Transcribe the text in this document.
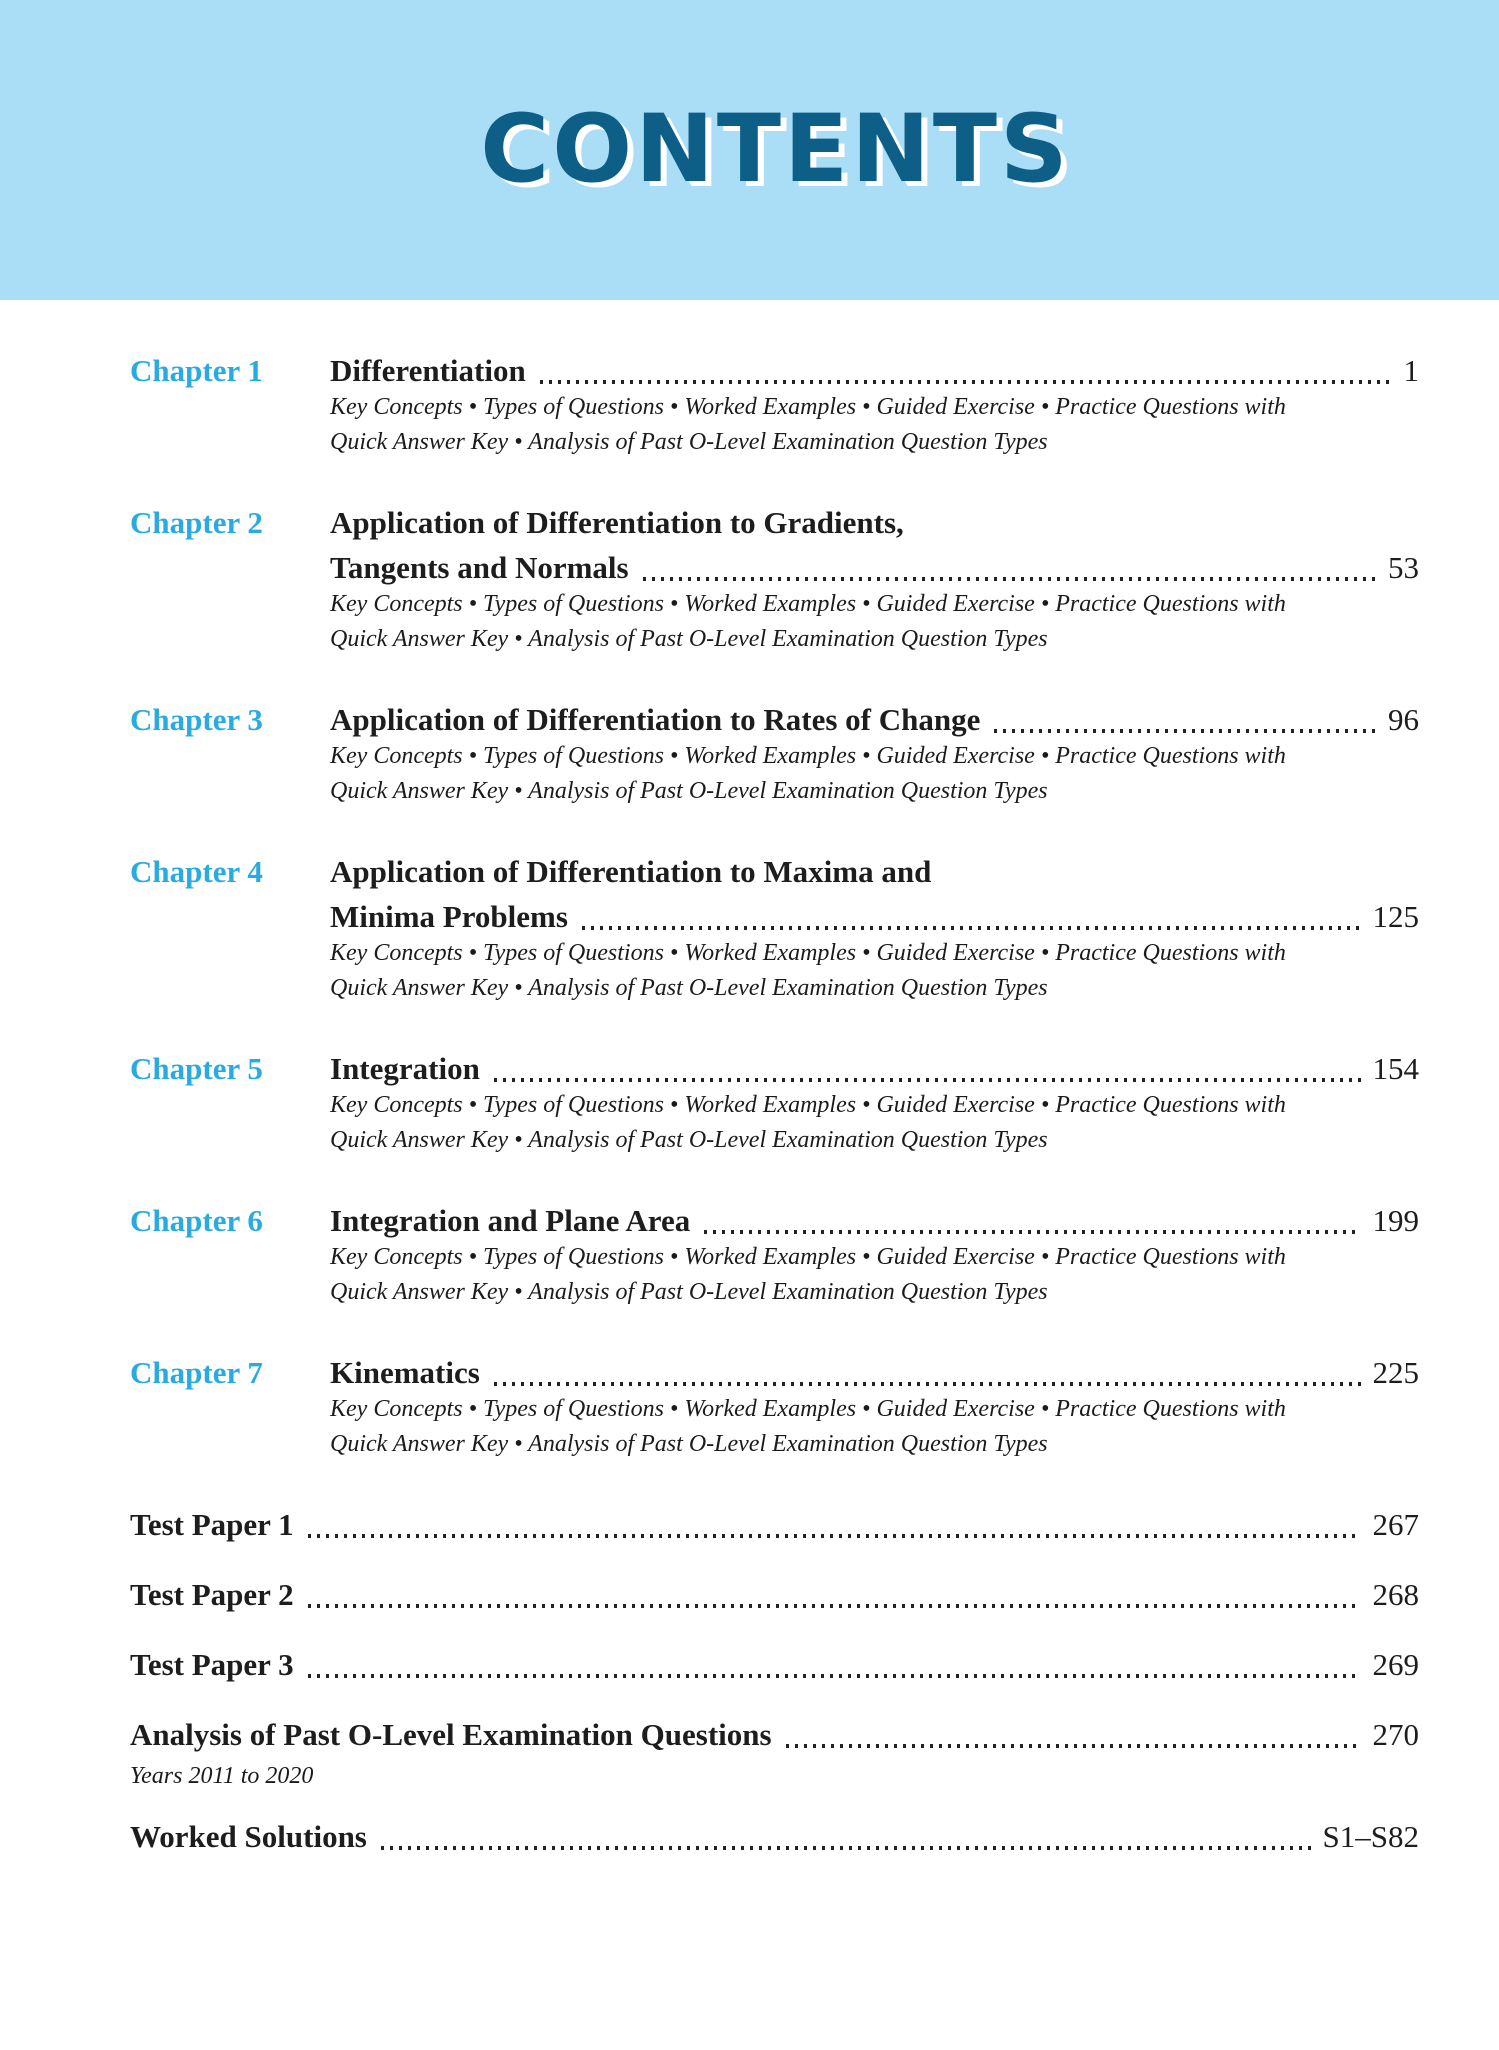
CONTENTS
Chapter 1	Differentiation	1
Key Concepts • Types of Questions • Worked Examples • Guided Exercise • Practice Questions with
Quick Answer Key • Analysis of Past O-Level Examination Question Types
Chapter 2	Application of Differentiation to Gradients,
Tangents and Normals	53
Key Concepts • Types of Questions • Worked Examples • Guided Exercise • Practice Questions with
Quick Answer Key • Analysis of Past O-Level Examination Question Types
Chapter 3	Application of Differentiation to Rates of Change	96
Key Concepts • Types of Questions • Worked Examples • Guided Exercise • Practice Questions with
Quick Answer Key • Analysis of Past O-Level Examination Question Types
Chapter 4	Application of Differentiation to Maxima and
Minima Problems	125
Key Concepts • Types of Questions • Worked Examples • Guided Exercise • Practice Questions with
Quick Answer Key • Analysis of Past O-Level Examination Question Types
Chapter 5	Integration	154
Key Concepts • Types of Questions • Worked Examples • Guided Exercise • Practice Questions with
Quick Answer Key • Analysis of Past O-Level Examination Question Types
Chapter 6	Integration and Plane Area	199
Key Concepts • Types of Questions • Worked Examples • Guided Exercise • Practice Questions with
Quick Answer Key • Analysis of Past O-Level Examination Question Types
Chapter 7	Kinematics	225
Key Concepts • Types of Questions • Worked Examples • Guided Exercise • Practice Questions with
Quick Answer Key • Analysis of Past O-Level Examination Question Types
Test Paper 1	267
Test Paper 2	268
Test Paper 3	269
Analysis of Past O-Level Examination Questions	270
Years 2011 to 2020
Worked Solutions	S1–S82
